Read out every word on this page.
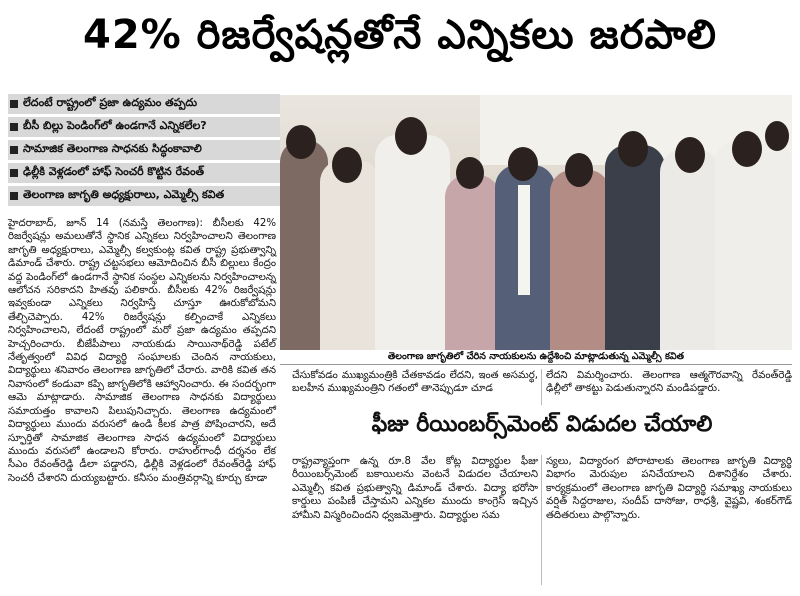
42% రిజర్వేషన్లతోనే ఎన్నికలు జరపాలి
లేదంటే రాష్ట్రంలో ప్రజా ఉద్యమం తప్పదు
బీసీ బిల్లు పెండింగ్‌లో ఉండగానే ఎన్నికలేల?
సామాజిక తెలంగాణ సాధనకు సిద్ధంకావాలి
ఢిల్లీకి వెళ్లడంలో హాఫ్ సెంచరీ కొట్టిన రేవంత్
తెలంగాణ జాగృతి అధ్యక్షురాలు, ఎమ్మెల్సీ కవిత
హైదరాబాద్, జూన్ 14 (నమస్తే తెలంగాణ): బీసీలకు 42% రిజర్వేషన్లు అమలుతోనే స్థానిక ఎన్నికలు నిర్వహించాలని తెలంగాణ జాగృతి అధ్యక్షురాలు, ఎమ్మెల్సీ కల్వకుంట్ల కవిత రాష్ట్ర ప్రభుత్వాన్ని డిమాండ్ చేశారు. రాష్ట్ర చట్టసభలు ఆమోదించిన బీసీ బిల్లులు కేంద్రం వద్ద పెండింగ్‌లో ఉండగానే స్థానిక సంస్థల ఎన్నికలను నిర్వహించాలన్న ఆలోచన సరికాదని హితవు పలికారు. బీసీలకు 42% రిజర్వేషన్లు ఇవ్వకుండా ఎన్నికలు నిర్వహిస్తే చూస్తూ ఊరుకోబోమని తేల్చిచెప్పారు. 42% రిజర్వేషన్లు కల్పించాకే ఎన్నికలు నిర్వహించాలని, లేదంటే రాష్ట్రంలో మరో ప్రజా ఉద్యమం తప్పదని హెచ్చరించారు. బీజేపీపాలు నాయకుడు సాయినాథ్‌రెడ్డి పటేల్ నేతృత్వంలో వివిధ విద్యార్థి సంఘాలకు చెందిన నాయకులు, విద్యార్థులు శనివారం తెలంగాణ జాగృతిలో చేరారు. వారికి కవిత తన నివాసంలో కండువా కప్పి జాగృతిలోకి ఆహ్వానించారు. ఈ సందర్భంగా ఆమె మాట్లాడారు. సామాజిక తెలంగాణ సాధనకు విద్యార్థులు సమాయత్తం కావాలని పిలుపునిచ్చారు. తెలంగాణ ఉద్యమంలో విద్యార్థులు ముందు వరుసలో ఉండి కీలక పాత్ర పోషించారని, అదే స్ఫూర్తితో సామాజిక తెలంగాణ సాధన ఉద్యమంలో విద్యార్థులు ముందు వరుసలో ఉండాలని కోరారు. రాహుల్‌గాంధీ దర్శనం లేక సీఎం రేవంత్‌రెడ్డి డీలా పడ్డారని, ఢిల్లీకి వెళ్లడంలో రేవంత్‌రెడ్డి హాఫ్ సెంచరీ చేశారని దుయ్యబట్టారు. కనీసం మంత్రివర్గాన్ని కూర్చు కూడా
తెలంగాణ జాగృతిలో చేరిన నాయకులను ఉద్దేశించి మాట్లాడుతున్న ఎమ్మెల్సీ కవిత
చేసుకోవడం ముఖ్యమంత్రికి చేతకావడం లేదని, ఇంత అసమర్థ, బలహీన ముఖ్యమంత్రిని గతంలో తానెప్పుడూ చూడ
లేదని విమర్శించారు. తెలంగాణ ఆత్మగౌరవాన్ని రేవంత్‌రెడ్డి ఢిల్లీలో తాకట్టు పెడుతున్నారని మండిపడ్డారు.
ఫీజు రీయింబర్స్‌మెంట్ విడుదల చేయాలి
రాష్ట్రవ్యాప్తంగా ఉన్న రూ.8 వేల కోట్ల విద్యార్థుల ఫీజు రీయింబర్స్‌మెంట్ బకాయిలను వెంటనే విడుదల చేయాలని ఎమ్మెల్సీ కవిత ప్రభుత్వాన్ని డిమాండ్ చేశారు. విద్యా భరోసా కార్డులు పంపిణీ చేస్తామని ఎన్నికల ముందు కాంగ్రెస్ ఇచ్చిన హామీని విస్మరించిందని ధ్వజమెత్తారు. విద్యార్థుల సమ
స్యలు, విద్యారంగ పోరాటాలకు తెలంగాణ జాగృతి విద్యార్థి విభాగం మెరుపుల పనిచేయాలని దిశానిర్దేశం చేశారు. కార్యక్రమంలో తెలంగాణ జాగృతి విద్యార్థి సమాఖ్య నాయకులు వర్షిత్ సిద్దరాజుల, సందీప్ దాసోజు, రాధశ్రీ, వైష్ణవి, శంకర్‌గౌడ్ తదితరులు పాల్గొన్నారు.
